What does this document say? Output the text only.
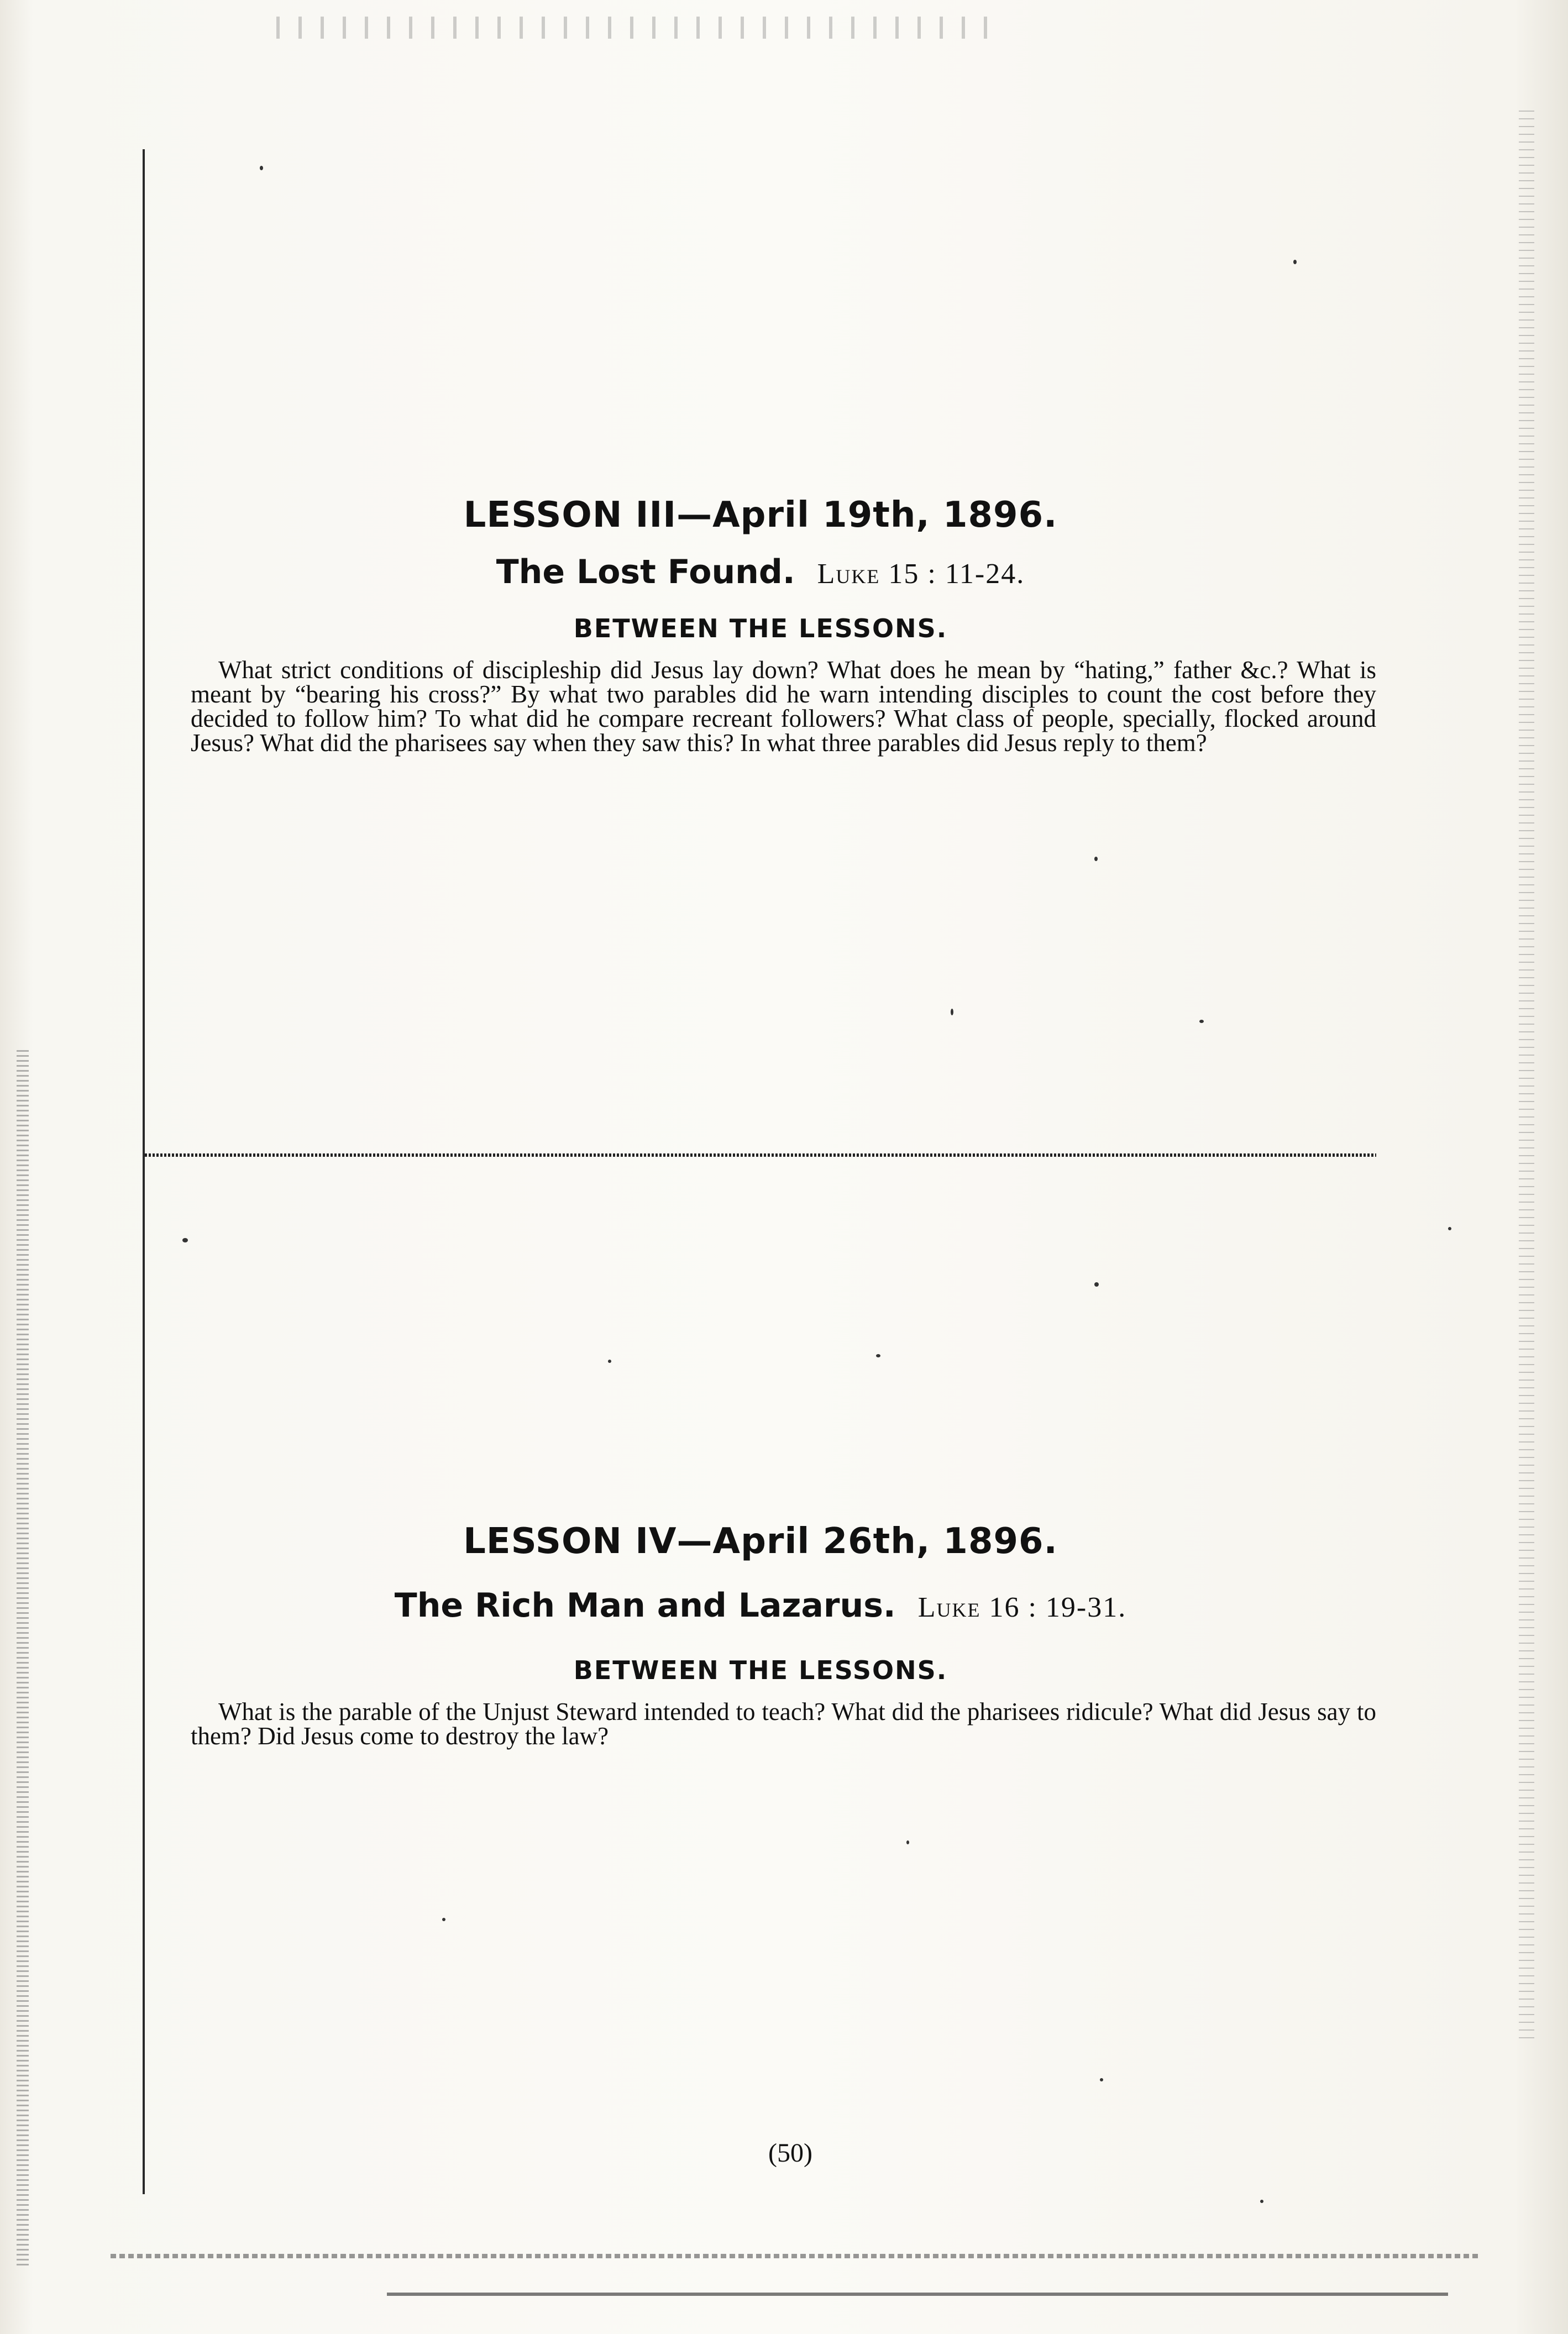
LESSON III—April 19th, 1896.

The Lost Found. Luke 15 : 11-24.

BETWEEN THE LESSONS.

What strict conditions of discipleship did Jesus lay down? What does he mean by “hating,” father &c.? What is meant by “bearing his cross?” By what two parables did he warn intending disciples to count the cost before they decided to follow him? To what did he compare recreant followers? What class of people, specially, flocked around Jesus? What did the pharisees say when they saw this? In what three parables did Jesus reply to them?

LESSON IV—April 26th, 1896.

The Rich Man and Lazarus. Luke 16 : 19-31.

BETWEEN THE LESSONS.

What is the parable of the Unjust Steward intended to teach? What did the pharisees ridicule? What did Jesus say to them? Did Jesus come to destroy the law?

(50)
